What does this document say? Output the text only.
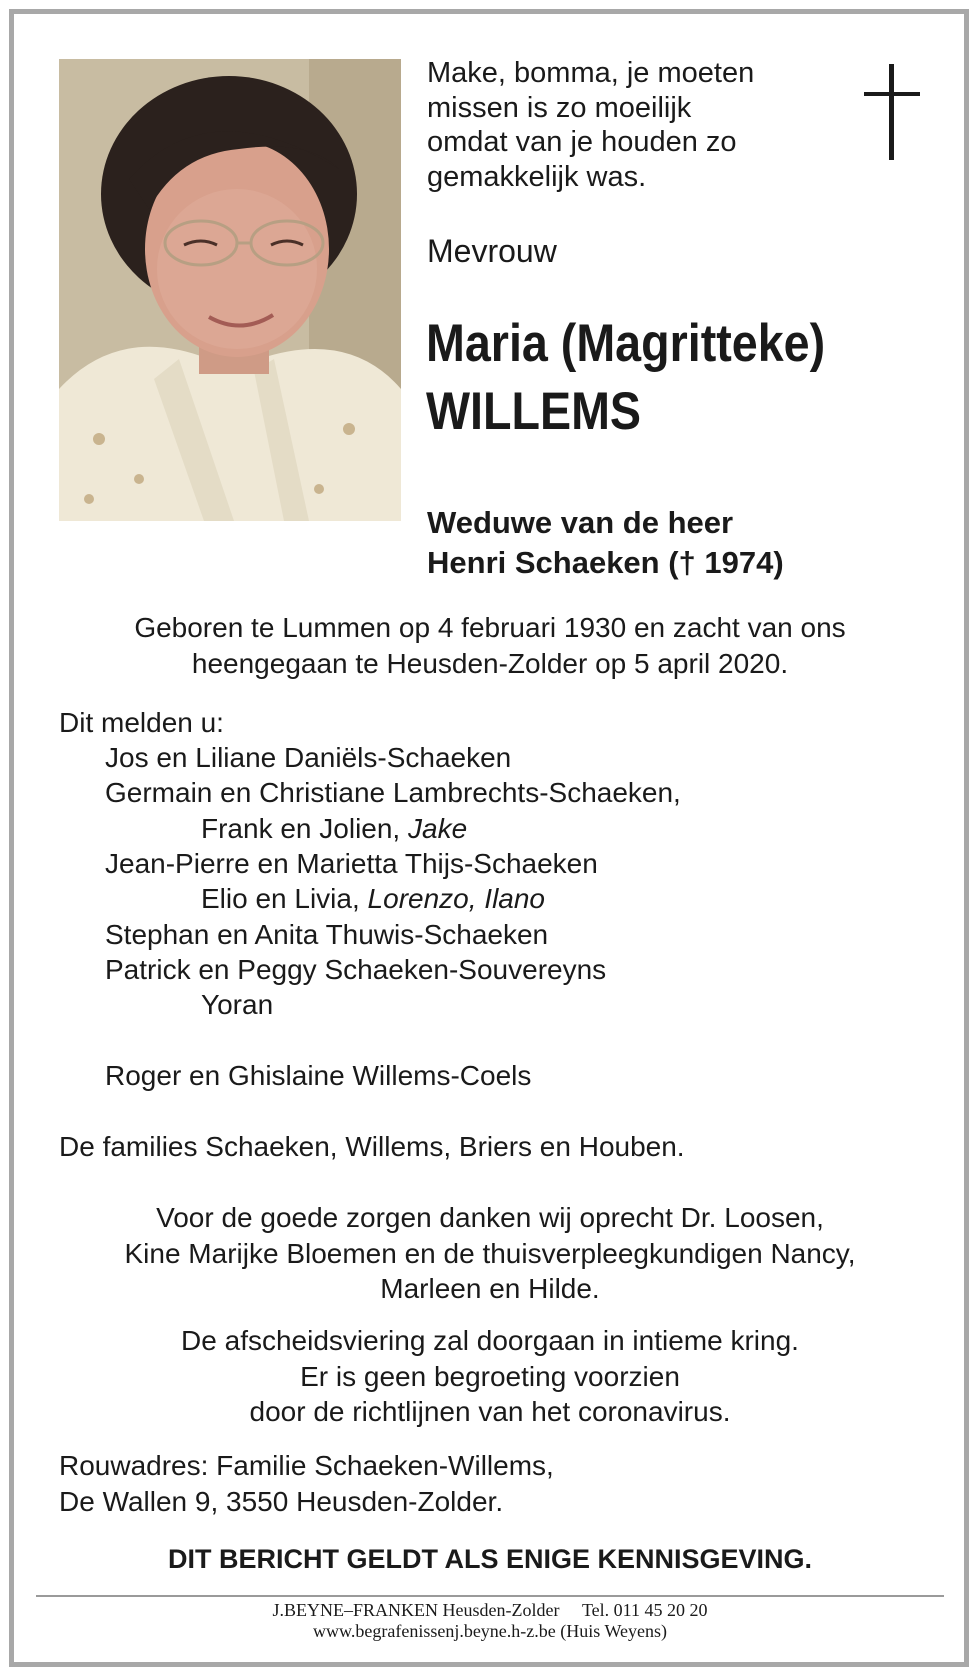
Make, bomma, je moeten
missen is zo moeilijk
omdat van je houden zo
gemakkelijk was.
Mevrouw
Maria (Magritteke)
WILLEMS
Weduwe van de heer
Henri Schaeken († 1974)
Geboren te Lummen op 4 februari 1930 en zacht van ons
heengegaan te Heusden-Zolder op 5 april 2020.
Dit melden u:
Jos en Liliane Daniëls-Schaeken
Germain en Christiane Lambrechts-Schaeken,
Frank en Jolien, Jake
Jean-Pierre en Marietta Thijs-Schaeken
Elio en Livia, Lorenzo, Ilano
Stephan en Anita Thuwis-Schaeken
Patrick en Peggy Schaeken-Souvereyns
Yoran
Roger en Ghislaine Willems-Coels
De families Schaeken, Willems, Briers en Houben.
Voor de goede zorgen danken wij oprecht Dr. Loosen,
Kine Marijke Bloemen en de thuisverpleegkundigen Nancy,
Marleen en Hilde.
De afscheidsviering zal doorgaan in intieme kring.
Er is geen begroeting voorzien
door de richtlijnen van het coronavirus.
Rouwadres: Familie Schaeken-Willems,
De Wallen 9, 3550 Heusden-Zolder.
DIT BERICHT GELDT ALS ENIGE KENNISGEVING.
J.BEYNE–FRANKEN Heusden-Zolder     Tel. 011 45 20 20
www.begrafenissenj.beyne.h-z.be (Huis Weyens)
